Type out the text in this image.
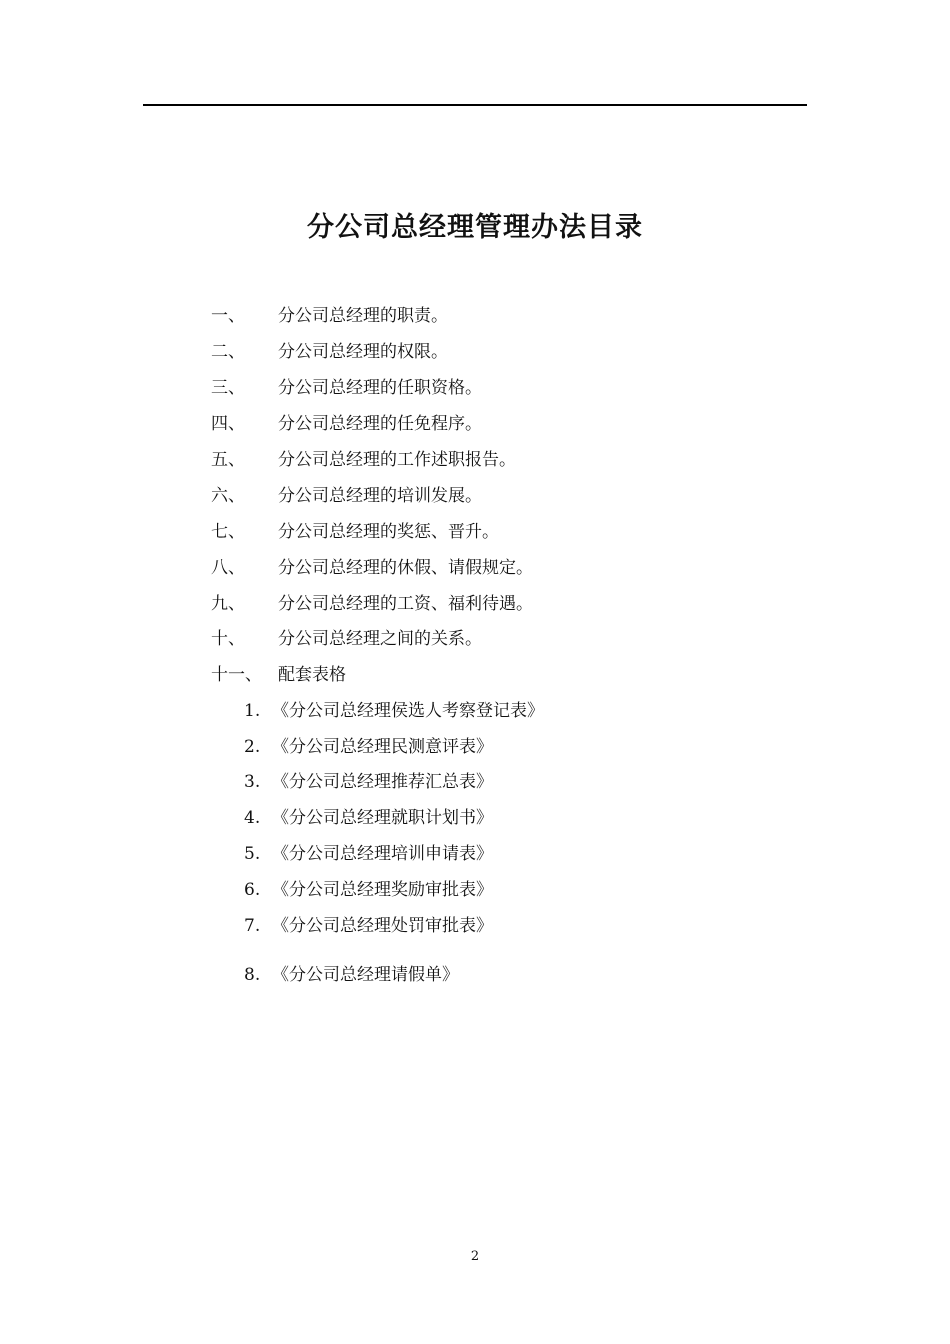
分公司总经理管理办法目录
一、 分公司总经理的职责。
二、 分公司总经理的权限。
三、 分公司总经理的任职资格。
四、 分公司总经理的任免程序。
五、 分公司总经理的工作述职报告。
六、 分公司总经理的培训发展。
七、 分公司总经理的奖惩、晋升。
八、 分公司总经理的休假、请假规定。
九、 分公司总经理的工资、福利待遇。
十、 分公司总经理之间的关系。
十一、 配套表格
1. 《分公司总经理侯选人考察登记表》
2. 《分公司总经理民测意评表》
3. 《分公司总经理推荐汇总表》
4. 《分公司总经理就职计划书》
5. 《分公司总经理培训申请表》
6. 《分公司总经理奖励审批表》
7. 《分公司总经理处罚审批表》
8. 《分公司总经理请假单》
2
